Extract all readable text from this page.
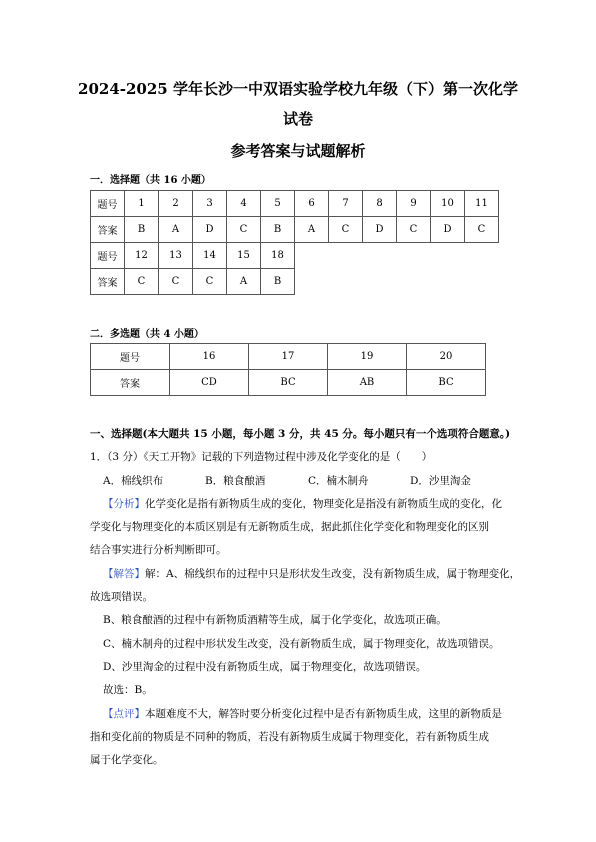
2024-2025 学年长沙一中双语实验学校九年级（下）第一次化学
试卷
参考答案与试题解析
一．选择题（共 16 小题）
题号	1	2	3	4	5	6	7	8	9	10	11
答案	B	A	D	C	B	A	C	D	C	D	C
题号	12	13	14	15	18						
答案	C	C	C	A	B						
二．多选题（共 4 小题）
题号	16	17	19	20
答案	CD	BC	AB	BC
一、选择题(本大题共 15 小题，每小题 3 分，共 45 分。每小题只有一个选项符合题意。)
1．（3 分）《天工开物》记载的下列造物过程中涉及化学变化的是（　　）
A．棉线织布	B．粮食酿酒	C．楠木制舟	D．沙里淘金
【分析】化学变化是指有新物质生成的变化，物理变化是指没有新物质生成的变化，化
学变化与物理变化的本质区别是有无新物质生成，据此抓住化学变化和物理变化的区别
结合事实进行分析判断即可。
【解答】解：A、棉线织布的过程中只是形状发生改变，没有新物质生成，属于物理变化，
故选项错误。
B、粮食酿酒的过程中有新物质酒精等生成，属于化学变化，故选项正确。
C、楠木制舟的过程中形状发生改变，没有新物质生成，属于物理变化，故选项错误。
D、沙里淘金的过程中没有新物质生成，属于物理变化，故选项错误。
故选：B。
【点评】本题难度不大，解答时要分析变化过程中是否有新物质生成，这里的新物质是
指和变化前的物质是不同种的物质，若没有新物质生成属于物理变化，若有新物质生成
属于化学变化。
